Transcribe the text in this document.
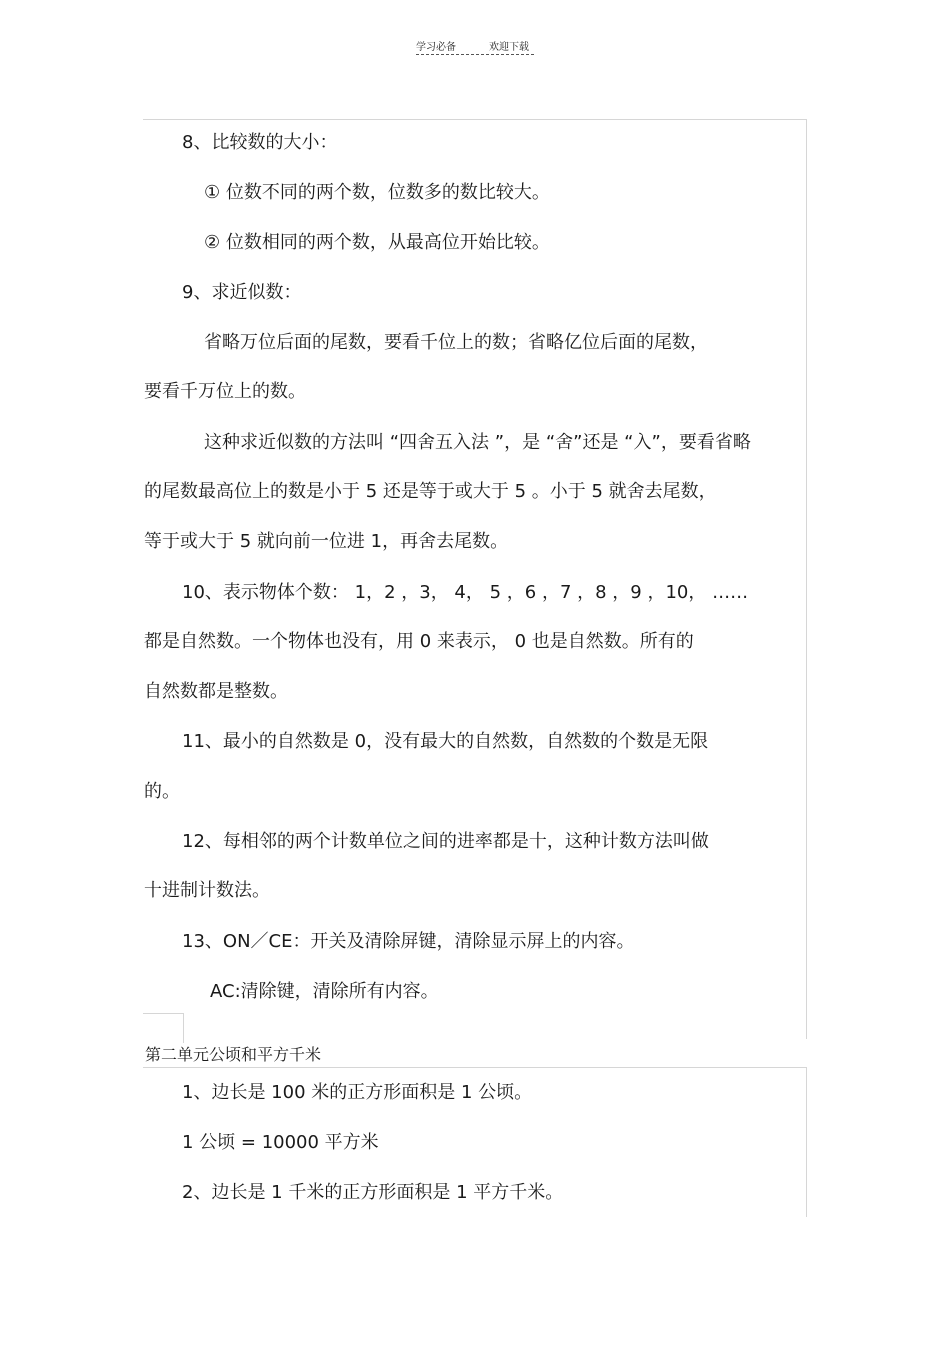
学习必备	欢迎下载
8、比较数的大小：
① 位数不同的两个数，位数多的数比较大。
② 位数相同的两个数，从最高位开始比较。
9、求近似数：
省略万位后面的尾数，要看千位上的数；省略亿位后面的尾数，
要看千万位上的数。
这种求近似数的方法叫 “四舍五入法 ”，是 “舍”还是 “入”，要看省略
的尾数最高位上的数是小于 5 还是等于或大于 5 。小于 5 就舍去尾数，
等于或大于 5 就向前一位进 1，再舍去尾数。
10、表示物体个数： 1，2 ，3， 4， 5 ，6 ，7 ，8 ，9 ，10， ……
都是自然数。一个物体也没有，用 0 来表示， 0 也是自然数。所有的
自然数都是整数。
11、最小的自然数是 0，没有最大的自然数，自然数的个数是无限
的。
12、每相邻的两个计数单位之间的进率都是十，这种计数方法叫做
十进制计数法。
13、ON／CE：开关及清除屏键，清除显示屏上的内容。
AC:清除键，清除所有内容。
第二单元公顷和平方千米
1、边长是 100 米的正方形面积是 1 公顷。
1 公顷 = 10000 平方米
2、边长是 1 千米的正方形面积是 1 平方千米。
